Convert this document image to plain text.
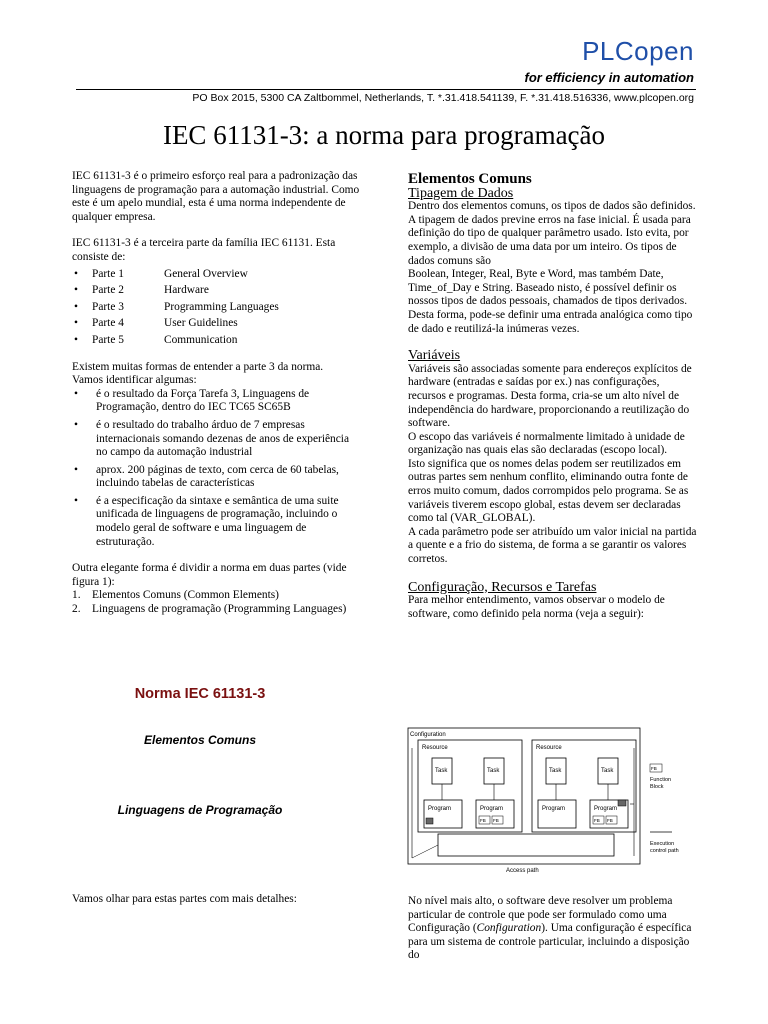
PLCopen
for efficiency in automation
PO Box 2015, 5300 CA Zaltbommel, Netherlands, T. *.31.418.541139, F. *.31.418.516336, www.plcopen.org
IEC 61131-3: a norma para programação

IEC 61131-3 é o primeiro esforço real para a padronização das linguagens de programação para a automação industrial. Como este é um apelo mundial, esta é uma norma independente de qualquer empresa.

IEC 61131-3 é a terceira parte da família IEC 61131. Esta consiste de:

• Parte 1	General Overview
• Parte 2	Hardware
• Parte 3	Programming Languages
• Parte 4	User Guidelines
• Parte 5	Communication

Existem muitas formas de entender a parte 3 da norma.

Vamos identificar algumas:

• é o resultado da Força Tarefa 3, Linguagens de Programação, dentro do IEC TC65 SC65B
• é o resultado do trabalho árduo de 7 empresas internacionais somando dezenas de anos de experiência no campo da automação industrial
• aprox. 200 páginas de texto, com cerca de 60 tabelas, incluindo tabelas de características
• é a especificação da sintaxe e semântica de uma suite unificada de linguagens de programação, incluindo o modelo geral de software e uma linguagem de estruturação.

Outra elegante forma é dividir a norma em duas partes (vide figura 1):

1. Elementos Comuns (Common Elements)
2. Linguagens de programação (Programming Languages)
Norma IEC 61131-3
Elementos Comuns
Linguagens de Programação
Vamos olhar para estas partes com mais detalhes:
Elementos Comuns
Tipagem de Dados

Dentro dos elementos comuns, os tipos de dados são definidos. A tipagem de dados previne erros na fase inicial. É usada para definição do tipo de qualquer parâmetro usado. Isto evita, por exemplo, a divisão de uma data por um inteiro. Os tipos de dados comuns são

Boolean, Integer, Real, Byte e Word, mas também Date, Time_of_Day e String. Baseado nisto, é possível definir os nossos tipos de dados pessoais, chamados de tipos derivados. Desta forma, pode-se definir uma entrada analógica como tipo de dado e reutilizá-la inúmeras vezes.

Variáveis

Variáveis são associadas somente para endereços explícitos de hardware (entradas e saídas por ex.) nas configurações, recursos e programas. Desta forma, cria-se um alto nível de independência do hardware, proporcionando a reutilização do software.

O escopo das variáveis é normalmente limitado à unidade de organização nas quais elas são declaradas (escopo local).

Isto significa que os nomes delas podem ser reutilizados em outras partes sem nenhum conflito, eliminando outra fonte de erros muito comum, dados corrompidos pelo programa. Se as variáveis tiverem escopo global, estas devem ser declaradas como tal (VAR_GLOBAL).

A cada parâmetro pode ser atribuído um valor inicial na partida a quente e a frio do sistema, de forma a se garantir os valores corretos.

Configuração, Recursos e Tarefas

Para melhor entendimento, vamos observar o modelo de software, como definido pela norma (veja a seguir):

Configuration
Resource	Resource
Task	Task	Task	Task
Program	Program
FB FB
Program	Program
FB FB
Access path
FB
Function Block
Execution control path
No nível mais alto, o software deve resolver um problema particular de controle que pode ser formulado como uma Configuração (Configuration). Uma configuração é específica para um sistema de controle particular, incluindo a disposição do
